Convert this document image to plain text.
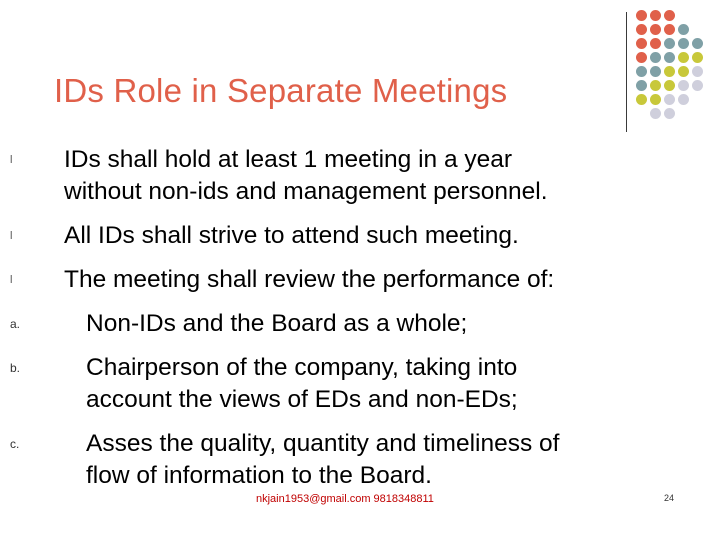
IDs Role in Separate Meetings
l	IDs shall hold at least 1 meeting in a year
without non-ids and management personnel.
l	All IDs shall strive to attend such meeting.
l	The meeting shall review the performance of:
a.	Non-IDs and the Board as a whole;
b.	Chairperson of the company, taking into
account the views of EDs and non-EDs;
c.	Asses the quality, quantity and timeliness of
flow of information to the Board.
nkjain1953@gmail.com 9818348811	24
